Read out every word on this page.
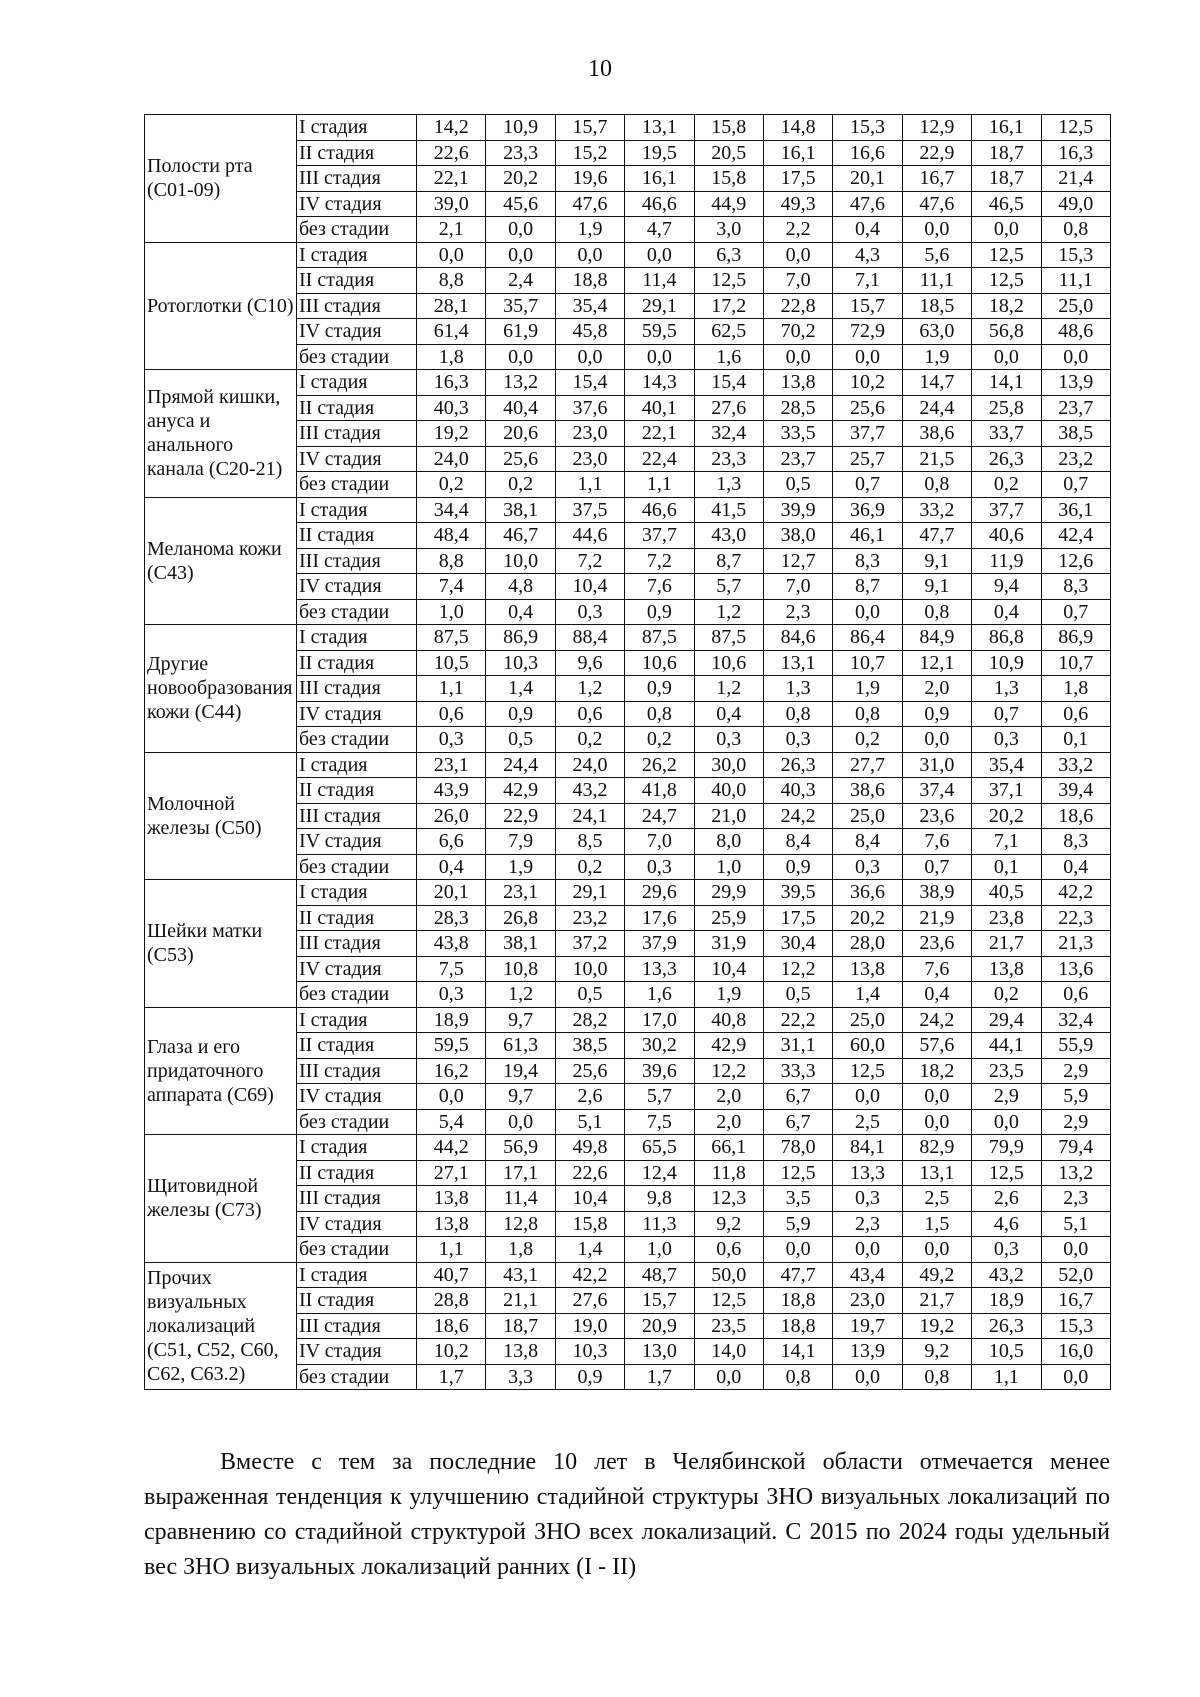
10
Полости рта (С01-09)	I стадия	14,2	10,9	15,7	13,1	15,8	14,8	15,3	12,9	16,1	12,5
	II стадия	22,6	23,3	15,2	19,5	20,5	16,1	16,6	22,9	18,7	16,3
	III стадия	22,1	20,2	19,6	16,1	15,8	17,5	20,1	16,7	18,7	21,4
	IV стадия	39,0	45,6	47,6	46,6	44,9	49,3	47,6	47,6	46,5	49,0
	без стадии	2,1	0,0	1,9	4,7	3,0	2,2	0,4	0,0	0,0	0,8
Ротоглотки (С10)	I стадия	0,0	0,0	0,0	0,0	6,3	0,0	4,3	5,6	12,5	15,3
	II стадия	8,8	2,4	18,8	11,4	12,5	7,0	7,1	11,1	12,5	11,1
	III стадия	28,1	35,7	35,4	29,1	17,2	22,8	15,7	18,5	18,2	25,0
	IV стадия	61,4	61,9	45,8	59,5	62,5	70,2	72,9	63,0	56,8	48,6
	без стадии	1,8	0,0	0,0	0,0	1,6	0,0	0,0	1,9	0,0	0,0
Прямой кишки, ануса и анального канала (С20-21)	I стадия	16,3	13,2	15,4	14,3	15,4	13,8	10,2	14,7	14,1	13,9
	II стадия	40,3	40,4	37,6	40,1	27,6	28,5	25,6	24,4	25,8	23,7
	III стадия	19,2	20,6	23,0	22,1	32,4	33,5	37,7	38,6	33,7	38,5
	IV стадия	24,0	25,6	23,0	22,4	23,3	23,7	25,7	21,5	26,3	23,2
	без стадии	0,2	0,2	1,1	1,1	1,3	0,5	0,7	0,8	0,2	0,7
Меланома кожи (С43)	I стадия	34,4	38,1	37,5	46,6	41,5	39,9	36,9	33,2	37,7	36,1
	II стадия	48,4	46,7	44,6	37,7	43,0	38,0	46,1	47,7	40,6	42,4
	III стадия	8,8	10,0	7,2	7,2	8,7	12,7	8,3	9,1	11,9	12,6
	IV стадия	7,4	4,8	10,4	7,6	5,7	7,0	8,7	9,1	9,4	8,3
	без стадии	1,0	0,4	0,3	0,9	1,2	2,3	0,0	0,8	0,4	0,7
Другие новообразования кожи (С44)	I стадия	87,5	86,9	88,4	87,5	87,5	84,6	86,4	84,9	86,8	86,9
	II стадия	10,5	10,3	9,6	10,6	10,6	13,1	10,7	12,1	10,9	10,7
	III стадия	1,1	1,4	1,2	0,9	1,2	1,3	1,9	2,0	1,3	1,8
	IV стадия	0,6	0,9	0,6	0,8	0,4	0,8	0,8	0,9	0,7	0,6
	без стадии	0,3	0,5	0,2	0,2	0,3	0,3	0,2	0,0	0,3	0,1
Молочной железы (С50)	I стадия	23,1	24,4	24,0	26,2	30,0	26,3	27,7	31,0	35,4	33,2
	II стадия	43,9	42,9	43,2	41,8	40,0	40,3	38,6	37,4	37,1	39,4
	III стадия	26,0	22,9	24,1	24,7	21,0	24,2	25,0	23,6	20,2	18,6
	IV стадия	6,6	7,9	8,5	7,0	8,0	8,4	8,4	7,6	7,1	8,3
	без стадии	0,4	1,9	0,2	0,3	1,0	0,9	0,3	0,7	0,1	0,4
Шейки матки (С53)	I стадия	20,1	23,1	29,1	29,6	29,9	39,5	36,6	38,9	40,5	42,2
	II стадия	28,3	26,8	23,2	17,6	25,9	17,5	20,2	21,9	23,8	22,3
	III стадия	43,8	38,1	37,2	37,9	31,9	30,4	28,0	23,6	21,7	21,3
	IV стадия	7,5	10,8	10,0	13,3	10,4	12,2	13,8	7,6	13,8	13,6
	без стадии	0,3	1,2	0,5	1,6	1,9	0,5	1,4	0,4	0,2	0,6
Глаза и его придаточного аппарата (С69)	I стадия	18,9	9,7	28,2	17,0	40,8	22,2	25,0	24,2	29,4	32,4
	II стадия	59,5	61,3	38,5	30,2	42,9	31,1	60,0	57,6	44,1	55,9
	III стадия	16,2	19,4	25,6	39,6	12,2	33,3	12,5	18,2	23,5	2,9
	IV стадия	0,0	9,7	2,6	5,7	2,0	6,7	0,0	0,0	2,9	5,9
	без стадии	5,4	0,0	5,1	7,5	2,0	6,7	2,5	0,0	0,0	2,9
Щитовидной железы (С73)	I стадия	44,2	56,9	49,8	65,5	66,1	78,0	84,1	82,9	79,9	79,4
	II стадия	27,1	17,1	22,6	12,4	11,8	12,5	13,3	13,1	12,5	13,2
	III стадия	13,8	11,4	10,4	9,8	12,3	3,5	0,3	2,5	2,6	2,3
	IV стадия	13,8	12,8	15,8	11,3	9,2	5,9	2,3	1,5	4,6	5,1
	без стадии	1,1	1,8	1,4	1,0	0,6	0,0	0,0	0,0	0,3	0,0
Прочих визуальных локализаций (С51, С52, С60, С62, С63.2)	I стадия	40,7	43,1	42,2	48,7	50,0	47,7	43,4	49,2	43,2	52,0
	II стадия	28,8	21,1	27,6	15,7	12,5	18,8	23,0	21,7	18,9	16,7
	III стадия	18,6	18,7	19,0	20,9	23,5	18,8	19,7	19,2	26,3	15,3
	IV стадия	10,2	13,8	10,3	13,0	14,0	14,1	13,9	9,2	10,5	16,0
	без стадии	1,7	3,3	0,9	1,7	0,0	0,8	0,0	0,8	1,1	0,0

Вместе с тем за последние 10 лет в Челябинской области отмечается менее выраженная тенденция к улучшению стадийной структуры ЗНО визуальных локализаций по сравнению со стадийной структурой ЗНО всех локализаций. С 2015 по 2024 годы удельный вес ЗНО визуальных локализаций ранних (I - II)
